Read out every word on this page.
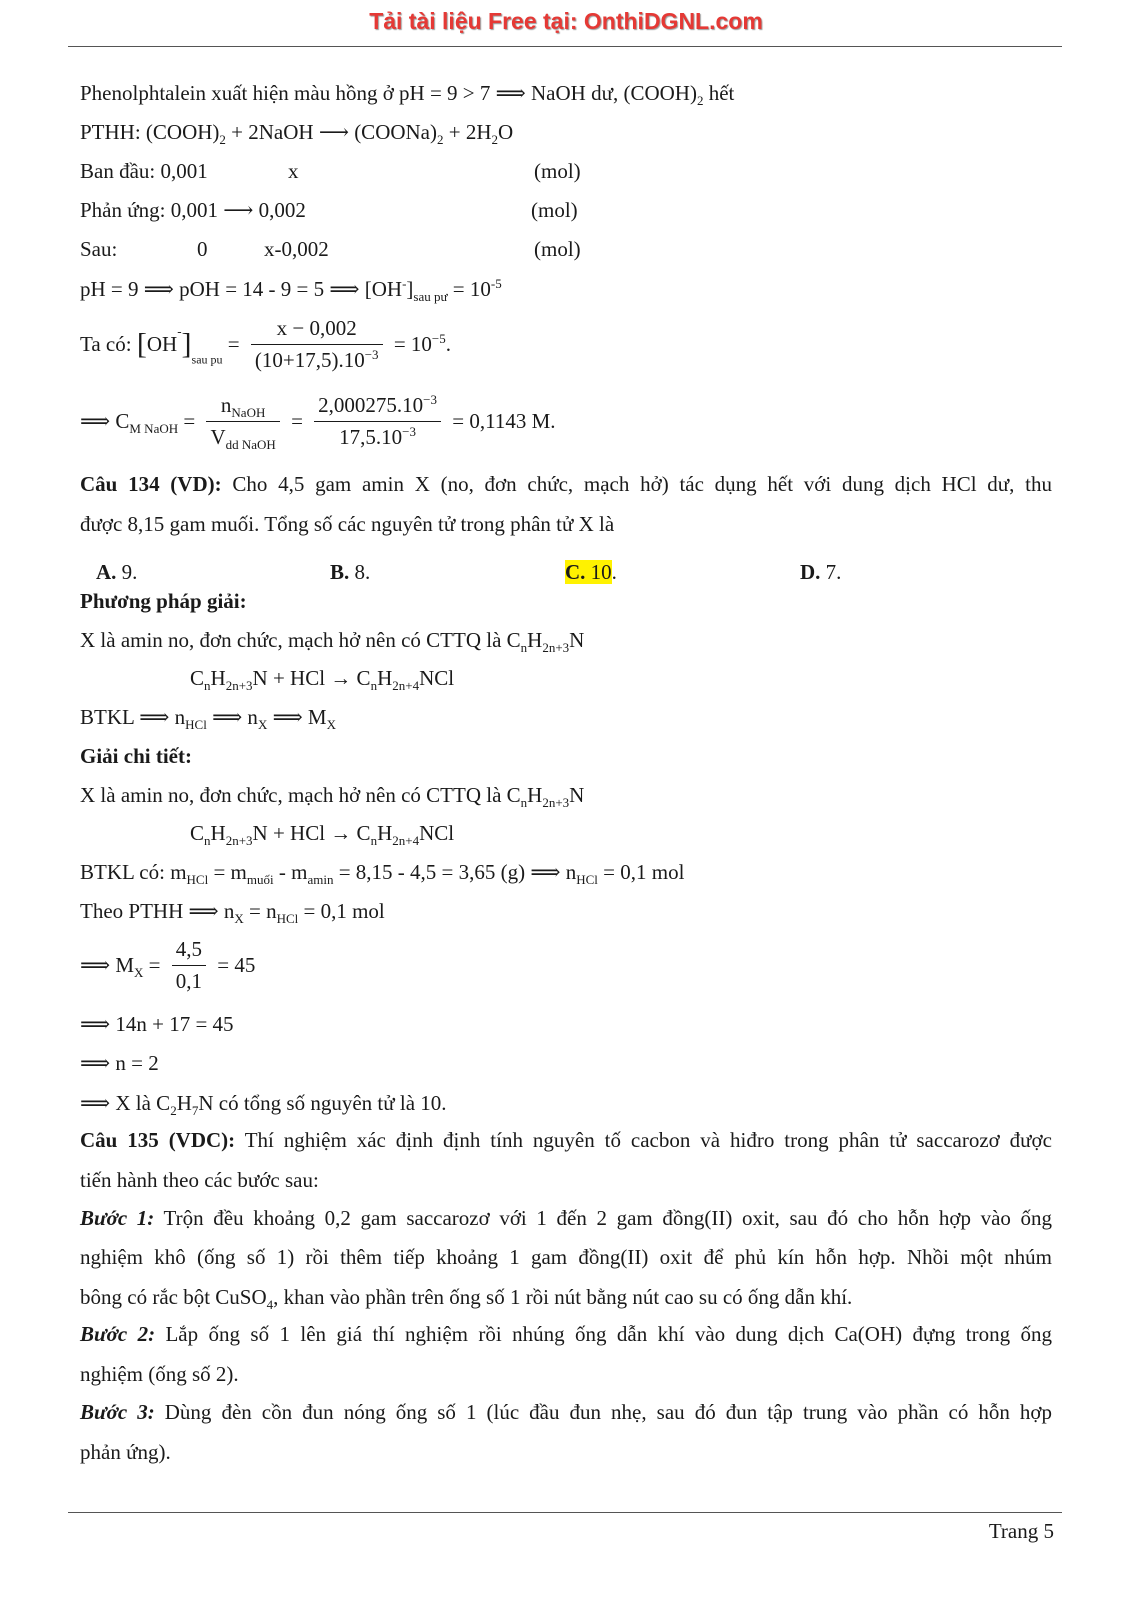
Tải tài liệu Free tại: OnthiDGNL.com
Phenolphtalein xuất hiện màu hồng ở pH = 9 > 7 ⟹ NaOH dư, $(COOH)_2$ hết
PTHH: $(COOH)_2$ + 2NaOH ⟶ $(COONa)_2 + 2H_2O$
Ban đầu: 0,001	x	(mol)
Phản ứng: 0,001 ⟶ 0,002	(mol)
Sau:	0	x-0,002	(mol)
pH = 9 ⟹ pOH = 14 - 9 = 5 ⟹ $[OH^-]_{sau pư} = 10^{-5}$
Ta có: $[OH^-]_{sau pu} = \frac{x - 0,002}{(10+17,5).10^{-3}} = 10^{-5}$.
⟹ $C_{M NaOH} = \frac{n_{NaOH}}{V_{dd NaOH}} = \frac{2,000275.10^{-3}}{17,5.10^{-3}} = 0,1143$ M.
Câu 134 (VD): Cho 4,5 gam amin X (no, đơn chức, mạch hở) tác dụng hết với dung dịch HCl dư, thu
được 8,15 gam muối. Tổng số các nguyên tử trong phân tử X là
A. 9.	B. 8.	C. 10.	D. 7.
Phương pháp giải:
X là amin no, đơn chức, mạch hở nên có CTTQ là $C_nH_{2n+3}N$
$C_nH_{2n+3}N$ + HCl → $C_nH_{2n+4}NCl$
BTKL ⟹ $n_{HCl}$ ⟹ $n_X$ ⟹ $M_X$
Giải chi tiết:
X là amin no, đơn chức, mạch hở nên có CTTQ là $C_nH_{2n+3}N$
$C_nH_{2n+3}N$ + HCl → $C_nH_{2n+4}NCl$
BTKL có: $m_{HCl} = m_{muối} - m_{amin} = 8,15 - 4,5 = 3,65$ (g) ⟹ $n_{HCl} = 0,1$ mol
Theo PTHH ⟹ $n_X = n_{HCl} = 0,1$ mol
⟹ $M_X = \frac{4,5}{0,1} = 45$
⟹ 14n + 17 = 45
⟹ n = 2
⟹ X là $C_2H_7N$ có tổng số nguyên tử là 10.
Câu 135 (VDC): Thí nghiệm xác định định tính nguyên tố cacbon và hiđro trong phân tử saccarozơ được
tiến hành theo các bước sau:
Bước 1: Trộn đều khoảng 0,2 gam saccarozơ với 1 đến 2 gam đồng(II) oxit, sau đó cho hỗn hợp vào ống
nghiệm khô (ống số 1) rồi thêm tiếp khoảng 1 gam đồng(II) oxit để phủ kín hỗn hợp. Nhồi một nhúm
bông có rắc bột CuSO$_4$, khan vào phần trên ống số 1 rồi nút bằng nút cao su có ống dẫn khí.
Bước 2: Lắp ống số 1 lên giá thí nghiệm rồi nhúng ống dẫn khí vào dung dịch Ca(OH) đựng trong ống
nghiệm (ống số 2).
Bước 3: Dùng đèn cồn đun nóng ống số 1 (lúc đầu đun nhẹ, sau đó đun tập trung vào phần có hỗn hợp
phản ứng).
Trang 5
